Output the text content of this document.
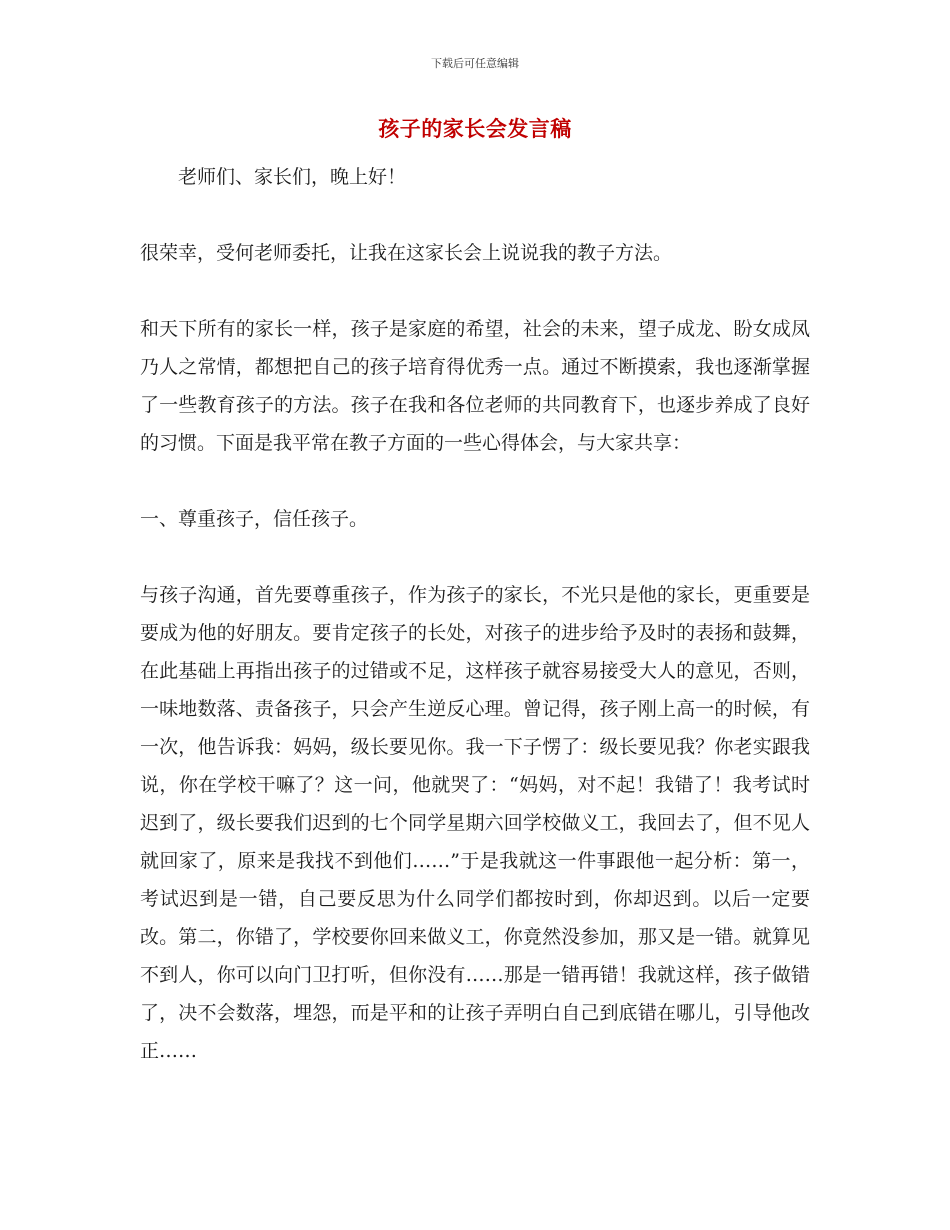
下载后可任意编辑
孩子的家长会发言稿

老师们、家长们，晚上好！

很荣幸，受何老师委托，让我在这家长会上说说我的教子方法。

和天下所有的家长一样，孩子是家庭的希望，社会的未来，望子成龙、盼女成凤乃人之常情，都想把自己的孩子培育得优秀一点。通过不断摸索，我也逐渐掌握了一些教育孩子的方法。孩子在我和各位老师的共同教育下，也逐步养成了良好的习惯。下面是我平常在教子方面的一些心得体会，与大家共享：

一、尊重孩子，信任孩子。

与孩子沟通，首先要尊重孩子，作为孩子的家长，不光只是他的家长，更重要是要成为他的好朋友。要肯定孩子的长处，对孩子的进步给予及时的表扬和鼓舞，在此基础上再指出孩子的过错或不足，这样孩子就容易接受大人的意见，否则，一味地数落、责备孩子，只会产生逆反心理。曾记得，孩子刚上高一的时候，有一次，他告诉我：妈妈，级长要见你。我一下子愣了：级长要见我？你老实跟我说，你在学校干嘛了？这一问，他就哭了：“妈妈，对不起！我错了！我考试时迟到了，级长要我们迟到的七个同学星期六回学校做义工，我回去了，但不见人就回家了，原来是我找不到他们……”于是我就这一件事跟他一起分析：第一，考试迟到是一错，自己要反思为什么同学们都按时到，你却迟到。以后一定要改。第二，你错了，学校要你回来做义工，你竟然没参加，那又是一错。就算见不到人，你可以向门卫打听，但你没有……那是一错再错！我就这样，孩子做错了，决不会数落，埋怨，而是平和的让孩子弄明白自己到底错在哪儿，引导他改正……
